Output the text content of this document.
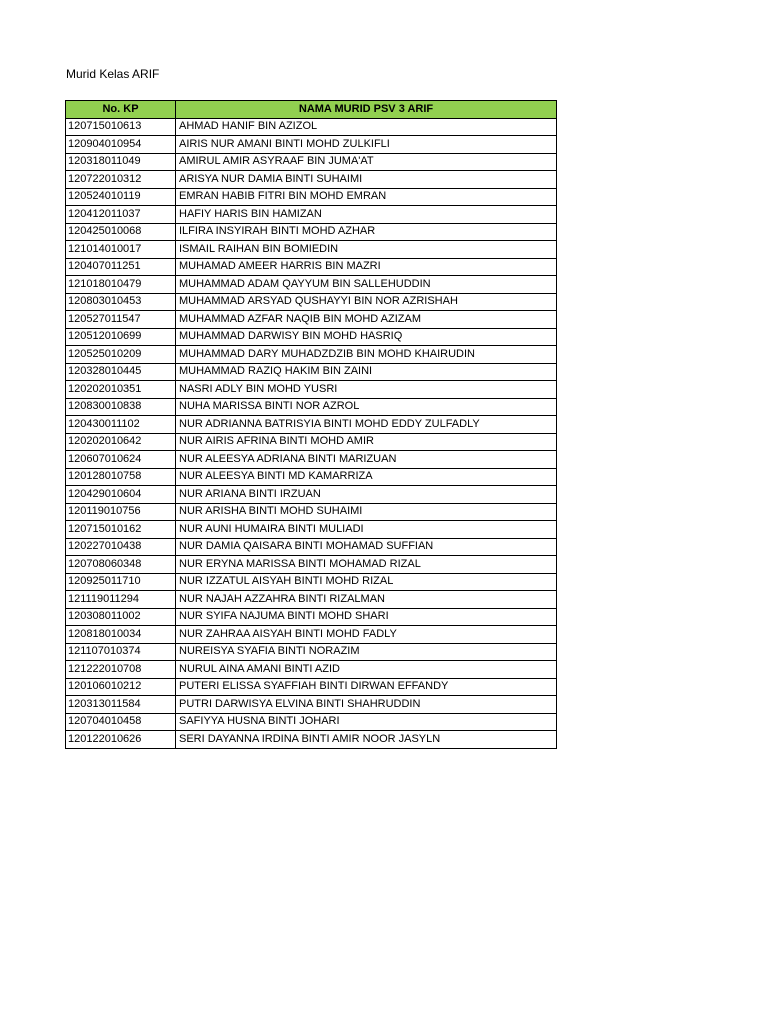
Murid Kelas ARIF
No. KP	NAMA MURID PSV 3 ARIF
120715010613	AHMAD HANIF BIN AZIZOL
120904010954	AIRIS NUR AMANI BINTI MOHD ZULKIFLI
120318011049	AMIRUL AMIR ASYRAAF BIN JUMA'AT
120722010312	ARISYA NUR DAMIA BINTI SUHAIMI
120524010119	EMRAN HABIB FITRI BIN MOHD EMRAN
120412011037	HAFIY HARIS BIN HAMIZAN
120425010068	ILFIRA INSYIRAH BINTI MOHD AZHAR
121014010017	ISMAIL RAIHAN BIN BOMIEDIN
120407011251	MUHAMAD AMEER HARRIS BIN MAZRI
121018010479	MUHAMMAD ADAM QAYYUM BIN SALLEHUDDIN
120803010453	MUHAMMAD ARSYAD QUSHAYYI BIN NOR AZRISHAH
120527011547	MUHAMMAD AZFAR NAQIB BIN MOHD AZIZAM
120512010699	MUHAMMAD DARWISY BIN MOHD HASRIQ
120525010209	MUHAMMAD DARY MUHADZDZIB BIN MOHD KHAIRUDIN
120328010445	MUHAMMAD RAZIQ HAKIM BIN ZAINI
120202010351	NASRI ADLY BIN MOHD YUSRI
120830010838	NUHA MARISSA BINTI NOR AZROL
120430011102	NUR ADRIANNA BATRISYIA BINTI MOHD EDDY ZULFADLY
120202010642	NUR AIRIS AFRINA BINTI MOHD AMIR
120607010624	NUR ALEESYA ADRIANA BINTI MARIZUAN
120128010758	NUR ALEESYA BINTI MD KAMARRIZA
120429010604	NUR ARIANA BINTI IRZUAN
120119010756	NUR ARISHA BINTI MOHD SUHAIMI
120715010162	NUR AUNI HUMAIRA BINTI MULIADI
120227010438	NUR DAMIA QAISARA BINTI MOHAMAD SUFFIAN
120708060348	NUR ERYNA MARISSA BINTI MOHAMAD RIZAL
120925011710	NUR IZZATUL AISYAH BINTI MOHD RIZAL
121119011294	NUR NAJAH AZZAHRA BINTI RIZALMAN
120308011002	NUR SYIFA NAJUMA BINTI MOHD SHARI
120818010034	NUR ZAHRAA AISYAH BINTI MOHD FADLY
121107010374	NUREISYA SYAFIA BINTI NORAZIM
121222010708	NURUL AINA AMANI BINTI AZID
120106010212	PUTERI ELISSA SYAFFIAH BINTI DIRWAN EFFANDY
120313011584	PUTRI DARWISYA ELVINA BINTI SHAHRUDDIN
120704010458	SAFIYYA HUSNA BINTI JOHARI
120122010626	SERI DAYANNA IRDINA BINTI AMIR NOOR JASYLN
